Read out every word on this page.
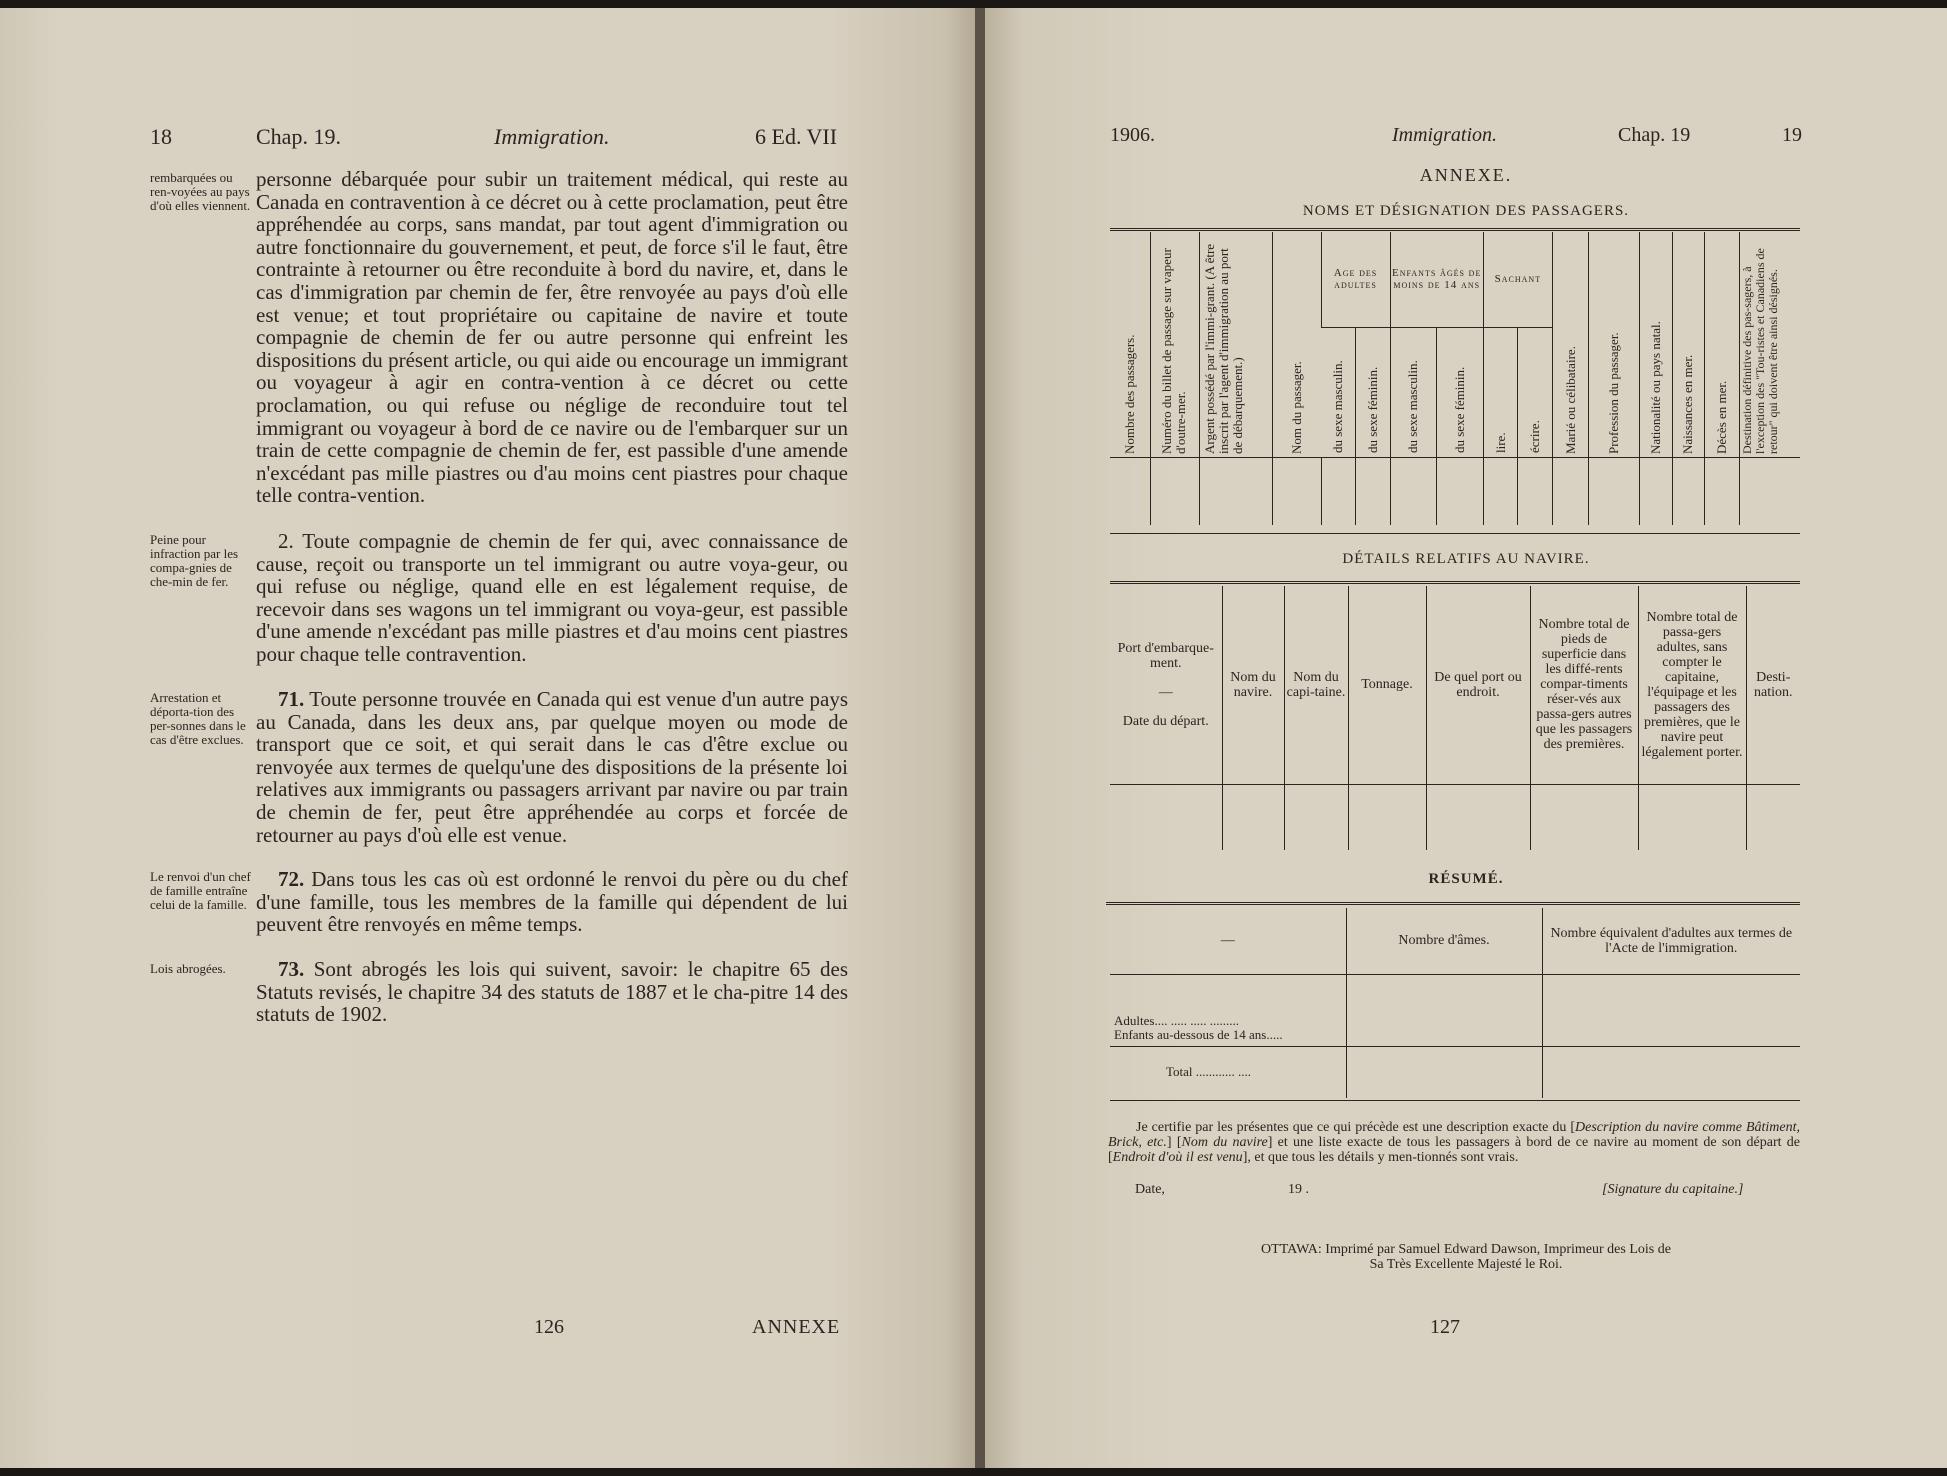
18	Chap. 19.	Immigration.	6 Ed. VII
rembarquées ou ren-voyées au pays d'où elles viennent.
Peine pour infraction par les compa-gnies de che-min de fer.
Arrestation et déporta-tion des per-sonnes dans le cas d'être exclues.
Le renvoi d'un chef de famille entraîne celui de la famille.
Lois abrogées.

personne débarquée pour subir un traitement médical, qui reste au Canada en contravention à ce décret ou à cette proclamation, peut être appréhendée au corps, sans mandat, par tout agent d'immigration ou autre fonctionnaire du gouvernement, et peut, de force s'il le faut, être contrainte à retourner ou être reconduite à bord du navire, et, dans le cas d'immigration par chemin de fer, être renvoyée au pays d'où elle est venue; et tout propriétaire ou capitaine de navire et toute compagnie de chemin de fer ou autre personne qui enfreint les dispositions du présent article, ou qui aide ou encourage un immigrant ou voyageur à agir en contra-vention à ce décret ou cette proclamation, ou qui refuse ou néglige de reconduire tout tel immigrant ou voyageur à bord de ce navire ou de l'embarquer sur un train de cette compagnie de chemin de fer, est passible d'une amende n'excédant pas mille piastres ou d'au moins cent piastres pour chaque telle contra-vention.

2. Toute compagnie de chemin de fer qui, avec connaissance de cause, reçoit ou transporte un tel immigrant ou autre voya-geur, ou qui refuse ou néglige, quand elle en est légalement requise, de recevoir dans ses wagons un tel immigrant ou voya-geur, est passible d'une amende n'excédant pas mille piastres et d'au moins cent piastres pour chaque telle contravention.

71. Toute personne trouvée en Canada qui est venue d'un autre pays au Canada, dans les deux ans, par quelque moyen ou mode de transport que ce soit, et qui serait dans le cas d'être exclue ou renvoyée aux termes de quelqu'une des dispositions de la présente loi relatives aux immigrants ou passagers arrivant par navire ou par train de chemin de fer, peut être appréhendée au corps et forcée de retourner au pays d'où elle est venue.

72. Dans tous les cas où est ordonné le renvoi du père ou du chef d'une famille, tous les membres de la famille qui dépendent de lui peuvent être renvoyés en même temps.

73. Sont abrogés les lois qui suivent, savoir: le chapitre 65 des Statuts revisés, le chapitre 34 des statuts de 1887 et le cha-pitre 14 des statuts de 1902.

126	ANNEXE
1906.	Immigration.	Chap. 19	19
ANNEXE.
NOMS ET DÉSIGNATION DES PASSAGERS.
Nombre des passagers.	Numéro du billet de passage sur vapeur d'outre-mer.	Argent possédé par l'immi-grant. (A être inscrit par l'agent d'immigration au port de débarquement.)	Nom du passager.	Age des adultes		Enfants âgés de moins de 14 ans		Sachant		Marié ou célibataire.	Profession du passager.	Nationalité ou pays natal.	Naissances en mer.	Décès en mer.	Destination définitive des pas-sagers, à l'exception des "Tou-ristes et Canadiens de retour" qui doivent être ainsi désignés.

				du sexe masculin.	du sexe féminin.	du sexe masculin.	du sexe féminin.	lire.	écrire.						

DÉTAILS RELATIFS AU NAVIRE.
Port d'embarque-ment.
—
Date du départ.	Nom du navire.	Nom du capi-taine.	Tonnage.	De quel port ou endroit.	Nombre total de pieds de superficie dans les diffé-rents compar-timents réser-vés aux passa-gers autres que les passagers des premières.	Nombre total de passa-gers adultes, sans compter le capitaine, l'équipage et les passagers des premières, que le navire peut légalement porter.	Desti-nation.

RÉSUMÉ.
—	Nombre d'âmes.	Nombre équivalent d'adultes aux termes de l'Acte de l'immigration.

Adultes.... ..... ..... .........
Enfants au-dessous de 14 ans.....		

Total ............ ....		
Je certifie par les présentes que ce qui précède est une description exacte du [Description du navire comme Bâtiment, Brick, etc.] [Nom du navire] et une liste exacte de tous les passagers à bord de ce navire au moment de son départ de [Endroit d'où il est venu], et que tous les détails y men-tionnés sont vrais.
Date,	19 .	[Signature du capitaine.]
OTTAWA: Imprimé par Samuel Edward Dawson, Imprimeur des Lois de
Sa Très Excellente Majesté le Roi.
127
